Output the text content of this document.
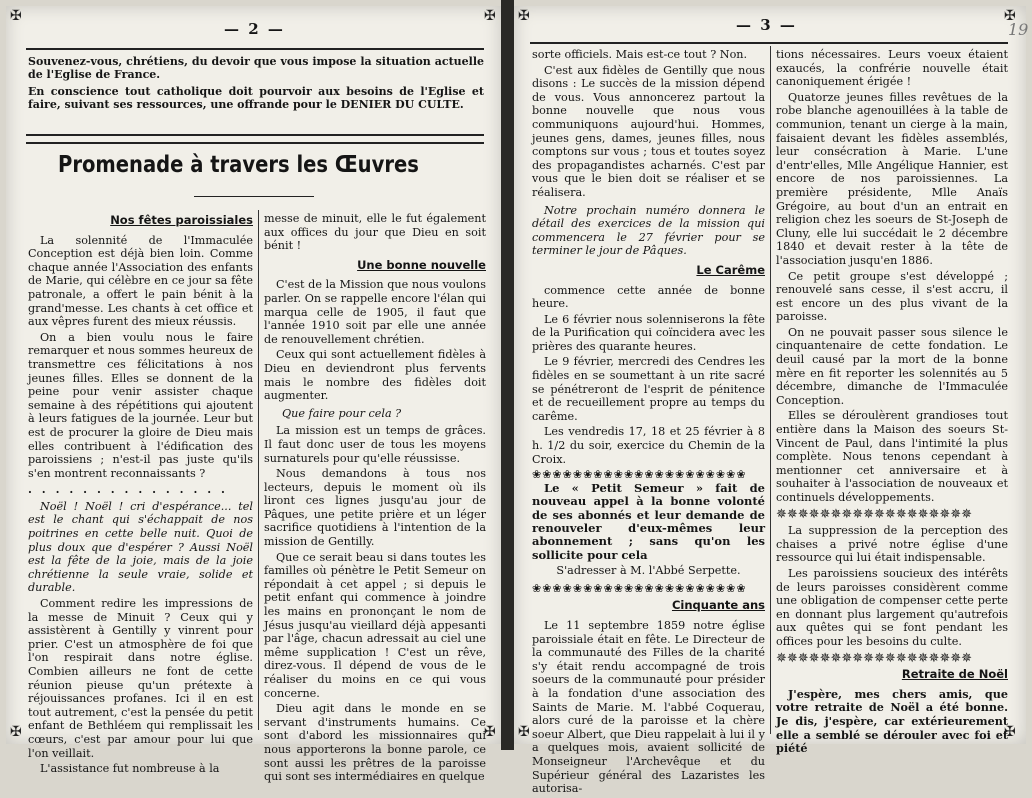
✠	✠
✠	✠
— 2 —
Souvenez-vous, chrétiens, du devoir que vous impose la situation actuelle de l'Eglise de France.
En conscience tout catholique doit pourvoir aux besoins de l'Eglise et faire, suivant ses ressources, une offrande pour le DENIER DU CULTE.
Promenade à travers les Œuvres
Nos fêtes paroissiales

La solennité de l'Immaculée Conception est déjà bien loin. Comme chaque année l'Association des enfants de Marie, qui célèbre en ce jour sa fête patronale, a offert le pain bénit à la grand'messe. Les chants à cet office et aux vêpres furent des mieux réussis.

On a bien voulu nous le faire remarquer et nous sommes heureux de transmettre ces félicitations à nos jeunes filles. Elles se donnent de la peine pour venir assister chaque semaine à des répétitions qui ajoutent à leurs fatigues de la journée. Leur but est de procurer la gloire de Dieu mais elles contribuent à l'édification des paroissiens ; n'est-il pas juste qu'ils s'en montrent reconnaissants ?

. . . . . . . . . . . . . . .

Noël ! Noël ! cri d'espérance... tel est le chant qui s'échappait de nos poitrines en cette belle nuit. Quoi de plus doux que d'espérer ? Aussi Noël est la fête de la joie, mais de la joie chrétienne la seule vraie, solide et durable.

Comment redire les impressions de la messe de Minuit ? Ceux qui y assistèrent à Gentilly y vinrent pour prier. C'est un atmosphère de foi que l'on respirait dans notre église. Combien ailleurs ne font de cette réunion pieuse qu'un prétexte à réjouissances profanes. Ici il en est tout autrement, c'est la pensée du petit enfant de Bethléem qui remplissait les cœurs, c'est par amour pour lui que l'on veillait.

L'assistance fut nombreuse à la

messe de minuit, elle le fut également aux offices du jour que Dieu en soit bénit !

Une bonne nouvelle

C'est de la Mission que nous voulons parler. On se rappelle encore l'élan qui marqua celle de 1905, il faut que l'année 1910 soit par elle une année de renouvellement chrétien.

Ceux qui sont actuellement fidèles à Dieu en deviendront plus fervents mais le nombre des fidèles doit augmenter.

Que faire pour cela ?

La mission est un temps de grâces. Il faut donc user de tous les moyens surnaturels pour qu'elle réussisse.

Nous demandons à tous nos lecteurs, depuis le moment où ils liront ces lignes jusqu'au jour de Pâques, une petite prière et un léger sacrifice quotidiens à l'intention de la mission de Gentilly.

Que ce serait beau si dans toutes les familles où pénètre le Petit Semeur on répondait à cet appel ; si depuis le petit enfant qui commence à joindre les mains en prononçant le nom de Jésus jusqu'au vieillard déjà appesanti par l'âge, chacun adressait au ciel une même supplication ! C'est un rêve, direz-vous. Il dépend de vous de le réaliser du moins en ce qui vous concerne.

Dieu agit dans le monde en se servant d'instruments humains. Ce sont d'abord les missionnaires qui nous apporterons la bonne parole, ce sont aussi les prêtres de la paroisse qui sont ses intermédiaires en quelque

✠	✠
✠	✠
— 3 —	19

sorte officiels. Mais est-ce tout ? Non.

C'est aux fidèles de Gentilly que nous disons : Le succès de la mission dépend de vous. Vous annoncerez partout la bonne nouvelle que nous vous communiquons aujourd'hui. Hommes, jeunes gens, dames, jeunes filles, nous comptons sur vous ; tous et toutes soyez des propagandistes acharnés. C'est par vous que le bien doit se réaliser et se réalisera.

Notre prochain numéro donnera le détail des exercices de la mission qui commencera le 27 février pour se terminer le jour de Pâques.

Le Carême

commence cette année de bonne heure.

Le 6 février nous solenniserons la fête de la Purification qui coïncidera avec les prières des quarante heures.

Le 9 février, mercredi des Cendres les fidèles en se soumettant à un rite sacré se pénétreront de l'esprit de pénitence et de recueillement propre au temps du carême.

Les vendredis 17, 18 et 25 février à 8 h. 1/2 du soir, exercice du Chemin de la Croix.

❀❀❀❀❀❀❀❀❀❀❀❀❀❀❀❀❀❀❀❀❀

Le « Petit Semeur » fait de nouveau appel à la bonne volonté de ses abonnés et leur demande de renouveler d'eux-mêmes leur abonnement ; sans qu'on les sollicite pour cela

S'adresser à M. l'Abbé Serpette.
❀❀❀❀❀❀❀❀❀❀❀❀❀❀❀❀❀❀❀❀❀
Cinquante ans

Le 11 septembre 1859 notre église paroissiale était en fête. Le Directeur de la communauté des Filles de la charité s'y était rendu accompagné de trois soeurs de la communauté pour présider à la fondation d'une association des Saints de Marie. M. l'abbé Coquerau, alors curé de la paroisse et la chère soeur Albert, que Dieu rappelait à lui il y a quelques mois, avaient sollicité de Monseigneur l'Archevêque et du Supérieur général des Lazaristes les autorisa-

tions nécessaires. Leurs voeux étaient exaucés, la confrérie nouvelle était canoniquement érigée !

Quatorze jeunes filles revêtues de la robe blanche agenouillées à la table de communion, tenant un cierge à la main, faisaient devant les fidèles assemblés, leur consécration à Marie. L'une d'entr'elles, Mlle Angélique Hannier, est encore de nos paroissiennes. La première présidente, Mlle Anaïs Grégoire, au bout d'un an entrait en religion chez les soeurs de St-Joseph de Cluny, elle lui succédait le 2 décembre 1840 et devait rester à la tête de l'association jusqu'en 1886.

Ce petit groupe s'est développé ; renouvelé sans cesse, il s'est accru, il est encore un des plus vivant de la paroisse.

On ne pouvait passer sous silence le cinquantenaire de cette fondation. Le deuil causé par la mort de la bonne mère en fit reporter les solennités au 5 décembre, dimanche de l'Immaculée Conception.

Elles se déroulèrent grandioses tout entière dans la Maison des soeurs St-Vincent de Paul, dans l'intimité la plus complète. Nous tenons cependant à mentionner cet anniversaire et à souhaiter à l'association de nouveaux et continuels développements.

✵✵✵✵✵✵✵✵✵✵✵✵✵✵✵✵✵✵

La suppression de la perception des chaises a privé notre église d'une ressource qui lui était indispensable.

Les paroissiens soucieux des intérêts de leurs paroisses considèrent comme une obligation de compenser cette perte en donnant plus largement qu'autrefois aux quêtes qui se font pendant les offices pour les besoins du culte.

✵✵✵✵✵✵✵✵✵✵✵✵✵✵✵✵✵✵
Retraite de Noël

J'espère, mes chers amis, que votre retraite de Noël a été bonne. Je dis, j'espère, car extérieurement elle a semblé se dérouler avec foi et piété
